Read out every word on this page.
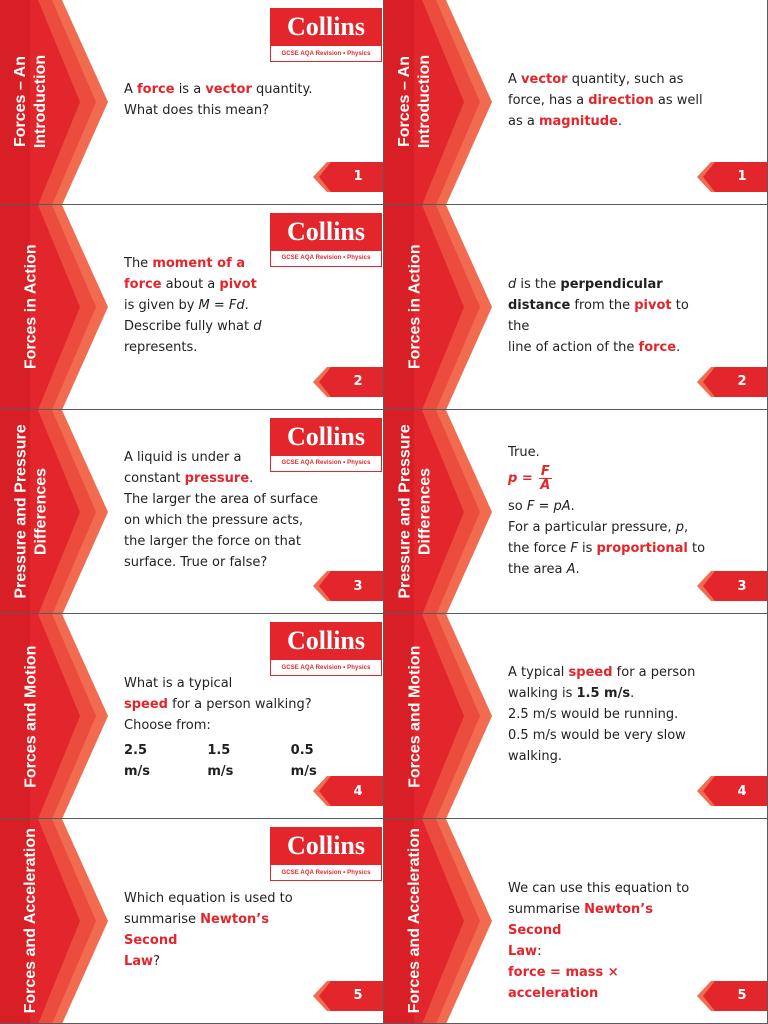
Forces – An Introduction
Collins
GCSE AQA Revision • Physics

A force is a vector quantity.

What does this mean?

1
Forces – An Introduction	A vector quantity, such as

force, has a direction as well

as a magnitude.

1
Forces in Action
Collins
GCSE AQA Revision • Physics

The moment of a

force about a pivot

is given by M = Fd.

Describe fully what d

represents.

2
Forces in Action	d is the perpendicular

distance from the pivot to the

line of action of the force.

2
Pressure and Pressure Differences
Collins
GCSE AQA Revision • Physics

A liquid is under a

constant pressure.

The larger the area of surface

on which the pressure acts,

the larger the force on that

surface. True or false?

3	Pressure and Pressure Differences

True.

$p = \frac{F}{A}$

so F = pA.

For a particular pressure, p,

the force F is proportional to

the area A.

3
Forces and Motion
Collins
GCSE AQA Revision • Physics

What is a typical

speed for a person walking?

Choose from:

2.5 m/s
1.5 m/s
0.5 m/s
4
Forces and Motion	A typical speed for a person

walking is 1.5 m/s.

2.5 m/s would be running.

0.5 m/s would be very slow

walking.

4
Forces and Acceleration	Collins
GCSE AQA Revision • Physics

Which equation is used to

summarise Newton’s Second

Law?

5	Forces and Acceleration	We can use this equation to

summarise Newton’s Second

Law:

force = mass × acceleration	5
